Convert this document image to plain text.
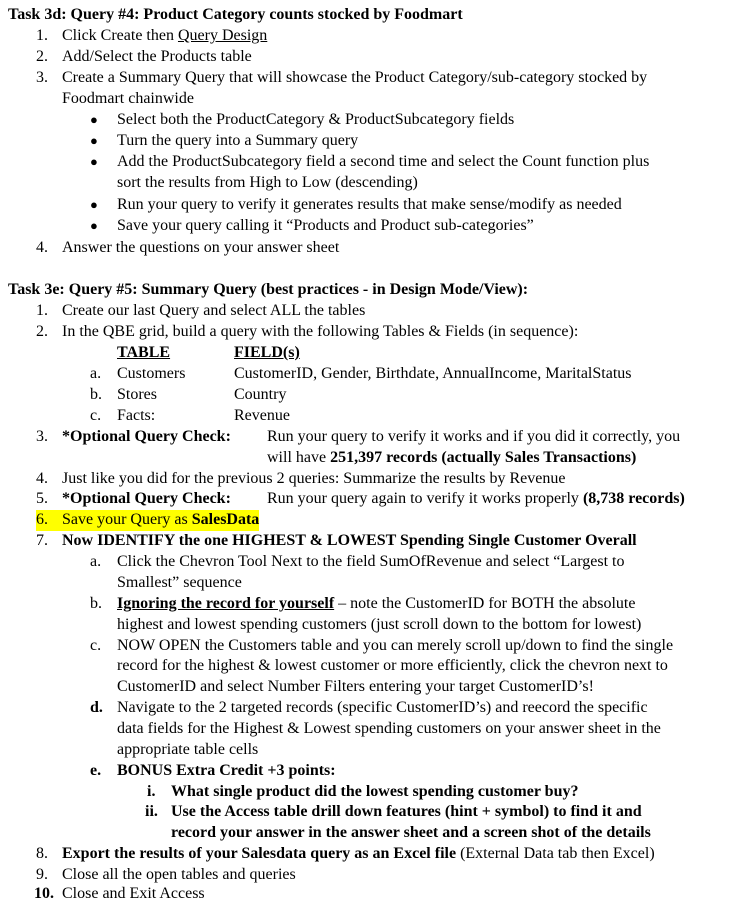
Task 3d: Query #4: Product Category counts stocked by Foodmart
1. Click Create then Query Design
2. Add/Select the Products table
3. Create a Summary Query that will showcase the Product Category/sub-category stocked by
Foodmart chainwide
● Select both the ProductCategory & ProductSubcategory fields
● Turn the query into a Summary query
● Add the ProductSubcategory field a second time and select the Count function plus
sort the results from High to Low (descending)
● Run your query to verify it generates results that make sense/modify as needed
● Save your query calling it “Products and Product sub-categories”
4. Answer the questions on your answer sheet
Task 3e: Query #5: Summary Query (best practices - in Design Mode/View):
1. Create our last Query and select ALL the tables
2. In the QBE grid, build a query with the following Tables & Fields (in sequence):
TABLE	FIELD(s)
a. Customers	CustomerID, Gender, Birthdate, AnnualIncome, MaritalStatus
b. Stores	Country
c. Facts:	Revenue
3. *Optional Query Check: Run your query to verify it works and if you did it correctly, you
will have 251,397 records (actually Sales Transactions)
4. Just like you did for the previous 2 queries: Summarize the results by Revenue
5. *Optional Query Check: Run your query again to verify it works properly (8,738 records)
6. Save your Query as SalesData
7. Now IDENTIFY the one HIGHEST & LOWEST Spending Single Customer Overall
a. Click the Chevron Tool Next to the field SumOfRevenue and select “Largest to
Smallest” sequence
b. Ignoring the record for yourself – note the CustomerID for BOTH the absolute
highest and lowest spending customers (just scroll down to the bottom for lowest)
c. NOW OPEN the Customers table and you can merely scroll up/down to find the single
record for the highest & lowest customer or more efficiently, click the chevron next to
CustomerID and select Number Filters entering your target CustomerID’s!
d. Navigate to the 2 targeted records (specific CustomerID’s) and reecord the specific
data fields for the Highest & Lowest spending customers on your answer sheet in the
appropriate table cells
e. BONUS Extra Credit +3 points:
i. What single product did the lowest spending customer buy?
ii. Use the Access table drill down features (hint + symbol) to find it and
record your answer in the answer sheet and a screen shot of the details
8. Export the results of your Salesdata query as an Excel file (External Data tab then Excel)
9. Close all the open tables and queries
10. Close and Exit Access
